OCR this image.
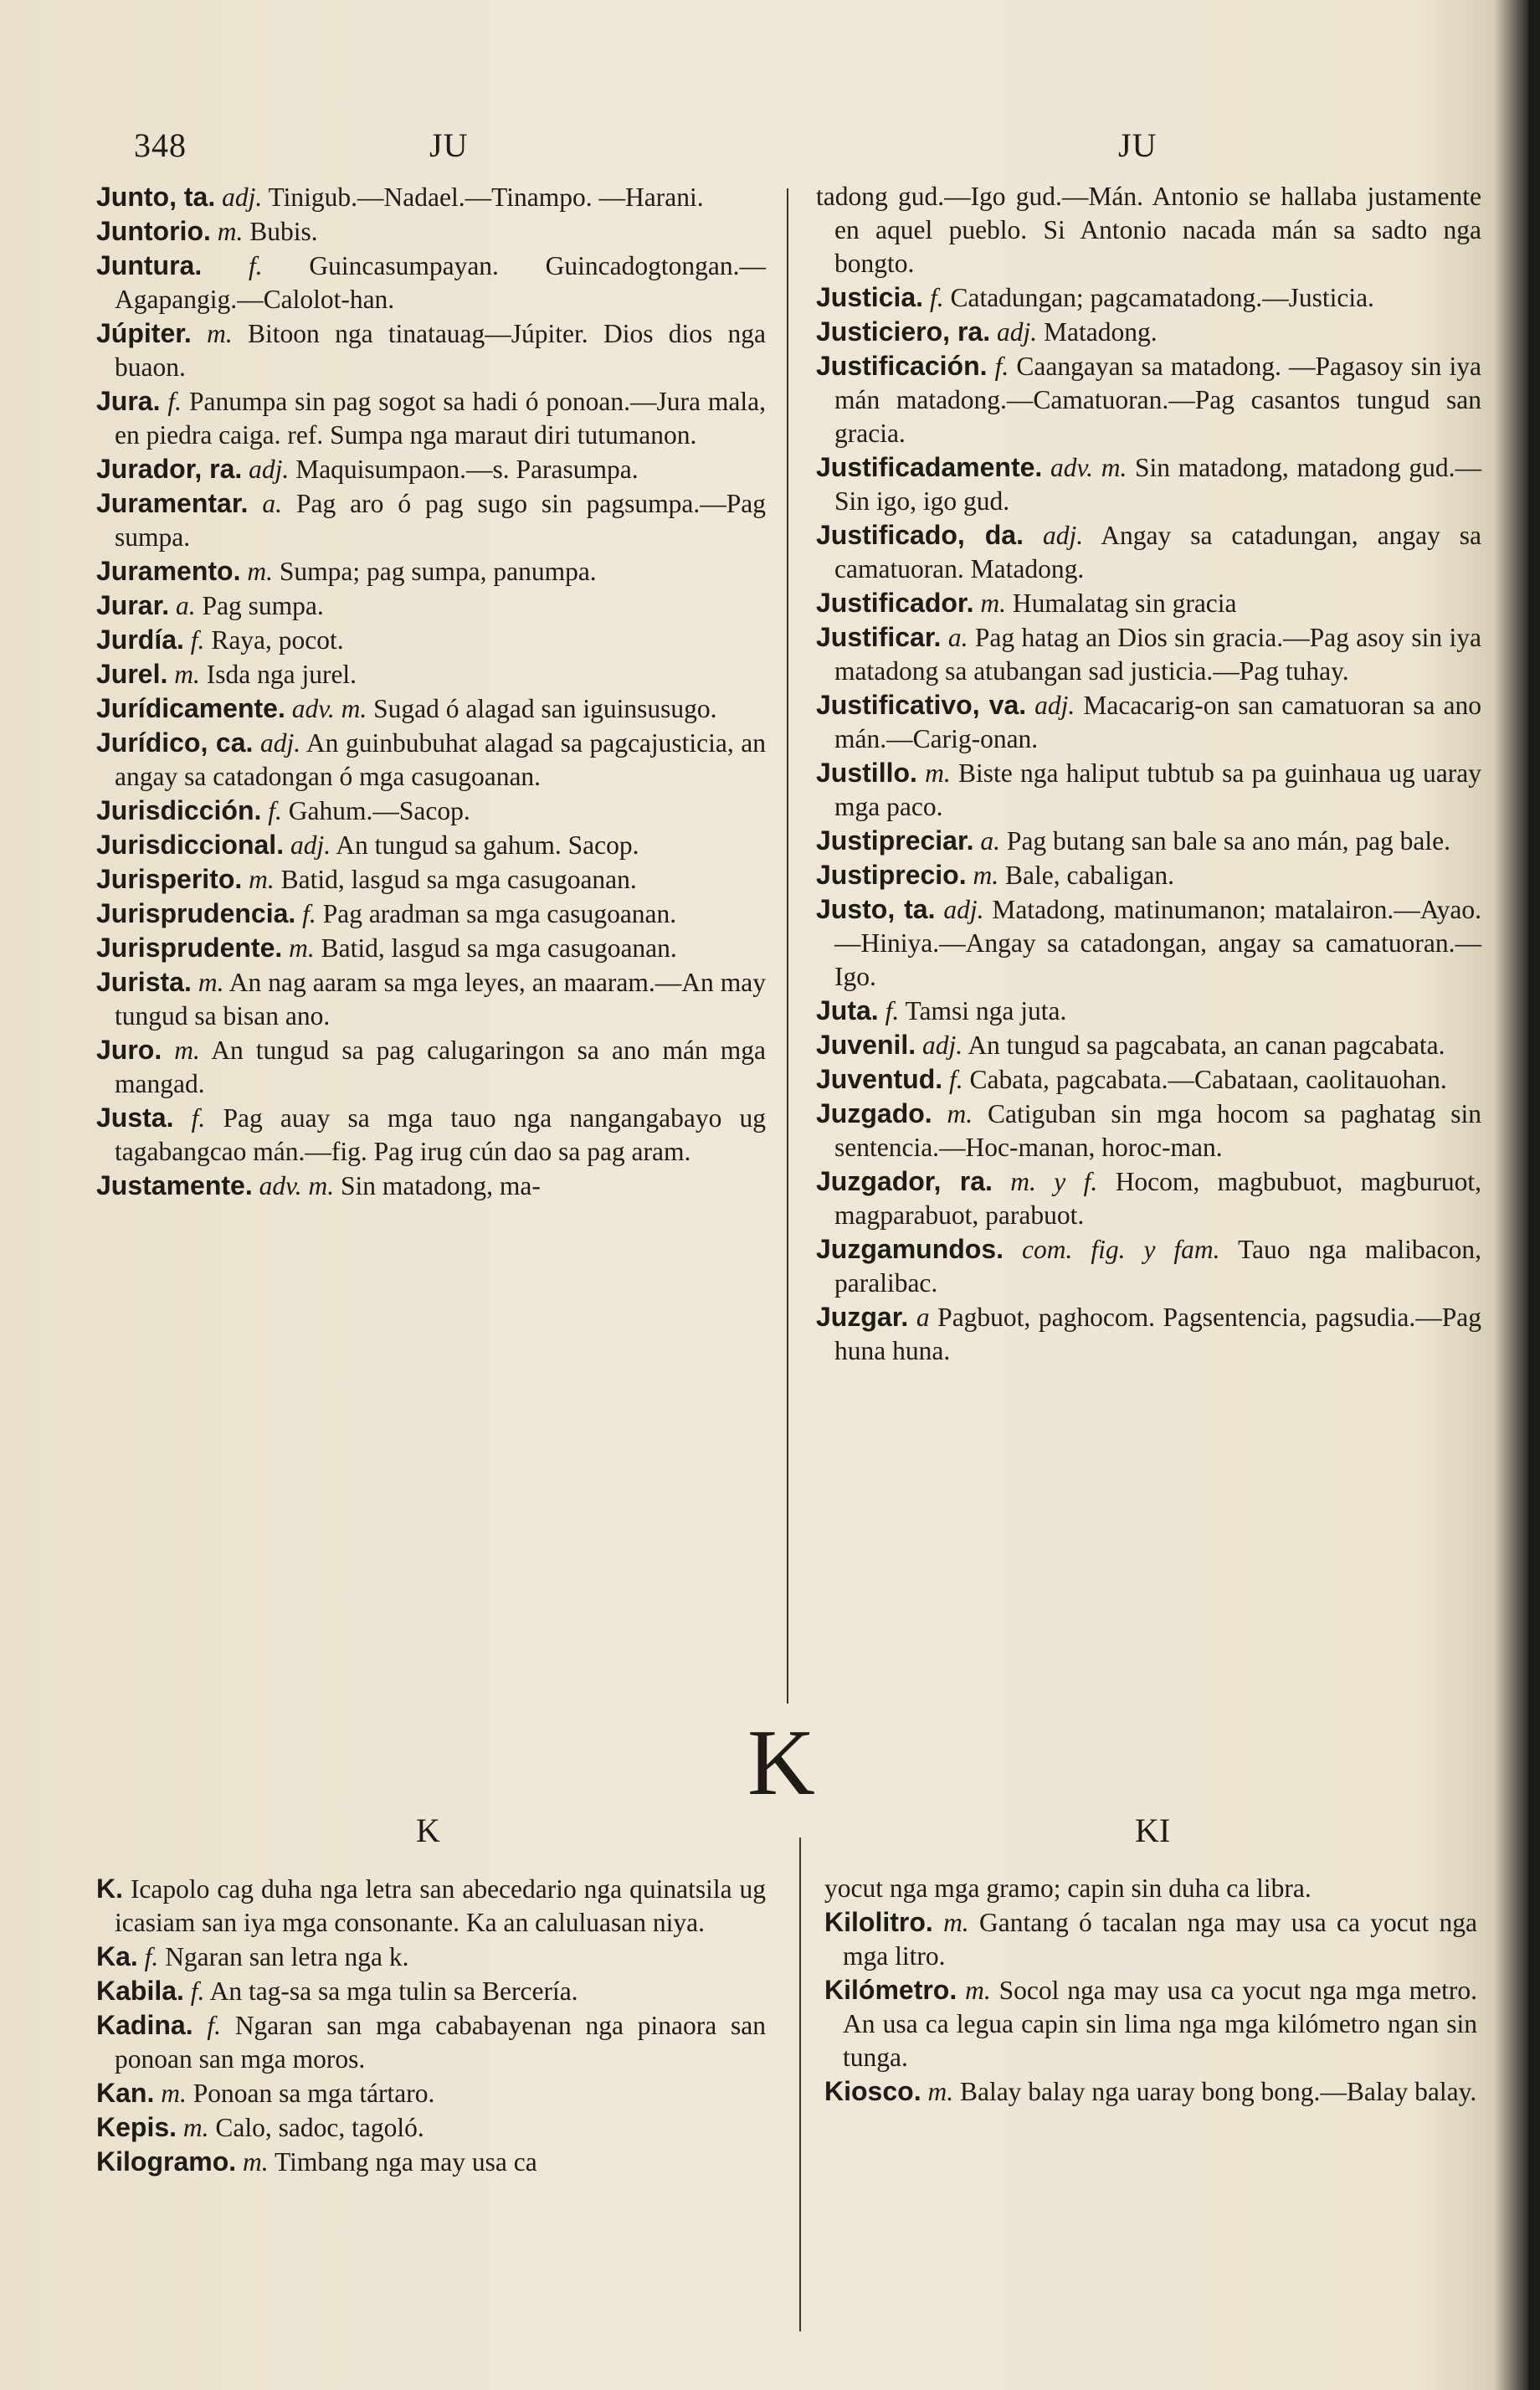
348	JU	JU

Junto, ta. adj. Tinigub.—Nadael.—Tinampo. —Harani.

Juntorio. m. Bubis.

Juntura. f. Guincasumpayan. Guincadogtongan.—Agapangig.—Calolot-han.

Júpiter. m. Bitoon nga tinatauag—Júpiter. Dios dios nga buaon.

Jura. f. Panumpa sin pag sogot sa hadi ó ponoan.—Jura mala, en piedra caiga. ref. Sumpa nga maraut diri tutumanon.

Jurador, ra. adj. Maquisumpaon.—s. Parasumpa.

Juramentar. a. Pag aro ó pag sugo sin pagsumpa.—Pag sumpa.

Juramento. m. Sumpa; pag sumpa, panumpa.

Jurar. a. Pag sumpa.

Jurdía. f. Raya, pocot.

Jurel. m. Isda nga jurel.

Jurídicamente. adv. m. Sugad ó alagad san iguinsusugo.

Jurídico, ca. adj. An guinbubuhat alagad sa pagcajusticia, an angay sa catadongan ó mga casugoanan.

Jurisdicción. f. Gahum.—Sacop.

Jurisdiccional. adj. An tungud sa gahum. Sacop.

Jurisperito. m. Batid, lasgud sa mga casugoanan.

Jurisprudencia. f. Pag aradman sa mga casugoanan.

Jurisprudente. m. Batid, lasgud sa mga casugoanan.

Jurista. m. An nag aaram sa mga leyes, an maaram.—An may tungud sa bisan ano.

Juro. m. An tungud sa pag calugaringon sa ano mán mga mangad.

Justa. f. Pag auay sa mga tauo nga nangangabayo ug tagabangcao mán.—fig. Pag irug cún dao sa pag aram.

Justamente. adv. m. Sin matadong, ma-

tadong gud.—Igo gud.—Mán. Antonio se hallaba justamente en aquel pueblo. Si Antonio nacada mán sa sadto nga bongto.

Justicia. f. Catadungan; pagcamatadong.—Justicia.

Justiciero, ra. adj. Matadong.

Justificación. f. Caangayan sa matadong. —Pagasoy sin iya mán matadong.—Camatuoran.—Pag casantos tungud san gracia.

Justificadamente. adv. m. Sin matadong, matadong gud.—Sin igo, igo gud.

Justificado, da. adj. Angay sa catadungan, angay sa camatuoran. Matadong.

Justificador. m. Humalatag sin gracia

Justificar. a. Pag hatag an Dios sin gracia.—Pag asoy sin iya matadong sa atubangan sad justicia.—Pag tuhay.

Justificativo, va. adj. Macacarig-on san camatuoran sa ano mán.—Carig-onan.

Justillo. m. Biste nga haliput tubtub sa pa guinhaua ug uaray mga paco.

Justipreciar. a. Pag butang san bale sa ano mán, pag bale.

Justiprecio. m. Bale, cabaligan.

Justo, ta. adj. Matadong, matinumanon; matalairon.—Ayao.—Hiniya.—Angay sa catadongan, angay sa camatuoran.—Igo.

Juta. f. Tamsi nga juta.

Juvenil. adj. An tungud sa pagcabata, an canan pagcabata.

Juventud. f. Cabata, pagcabata.—Cabataan, caolitauohan.

Juzgado. m. Catiguban sin mga hocom sa paghatag sin sentencia.—Hoc-manan, horoc-man.

Juzgador, ra. m. y f. Hocom, magbubuot, magburuot, magparabuot, parabuot.

Juzgamundos. com. fig. y fam. Tauo nga malibacon, paralibac.

Juzgar. a Pagbuot, paghocom. Pagsentencia, pagsudia.—Pag huna huna.

K
K	KI

K. Icapolo cag duha nga letra san abecedario nga quinatsila ug icasiam san iya mga consonante. Ka an caluluasan niya.

Ka. f. Ngaran san letra nga k.

Kabila. f. An tag-sa sa mga tulin sa Bercería.

Kadina. f. Ngaran san mga cababayenan nga pinaora san ponoan san mga moros.

Kan. m. Ponoan sa mga tártaro.

Kepis. m. Calo, sadoc, tagoló.

Kilogramo. m. Timbang nga may usa ca

yocut nga mga gramo; capin sin duha ca libra.

Kilolitro. m. Gantang ó tacalan nga may usa ca yocut nga mga litro.

Kilómetro. m. Socol nga may usa ca yocut nga mga metro. An usa ca legua capin sin lima nga mga kilómetro ngan sin tunga.

Kiosco. m. Balay balay nga uaray bong bong.—Balay balay.
